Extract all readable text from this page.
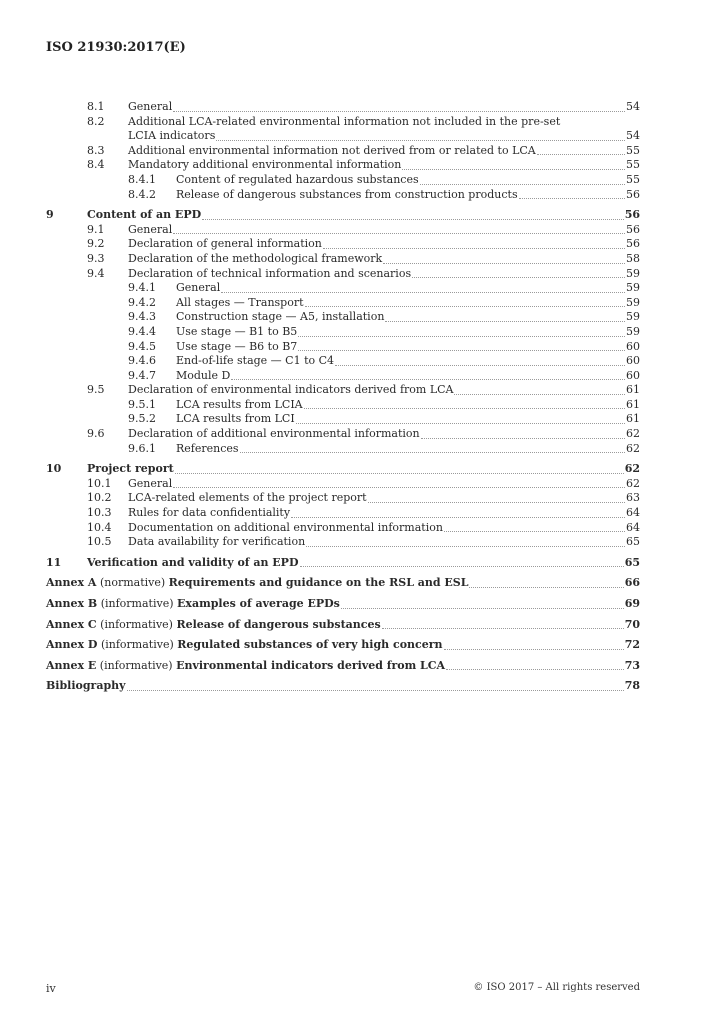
ISO 21930:2017(E)
8.1	General	54
8.2	Additional LCA-related environmental information not included in the pre-set
LCIA indicators	54
8.3	Additional environmental information not derived from or related to LCA	55
8.4	Mandatory additional environmental information	55
8.4.1	Content of regulated hazardous substances	55
8.4.2	Release of dangerous substances from construction products	56
9	Content of an EPD	56
9.1	General	56
9.2	Declaration of general information	56
9.3	Declaration of the methodological framework	58
9.4	Declaration of technical information and scenarios	59
9.4.1	General	59
9.4.2	All stages — Transport	59
9.4.3	Construction stage — A5, installation	59
9.4.4	Use stage — B1 to B5	59
9.4.5	Use stage — B6 to B7	60
9.4.6	End-of-life stage — C1 to C4	60
9.4.7	Module D	60
9.5	Declaration of environmental indicators derived from LCA	61
9.5.1	LCA results from LCIA	61
9.5.2	LCA results from LCI	61
9.6	Declaration of additional environmental information	62
9.6.1	References	62
10	Project report	62
10.1	General	62
10.2	LCA-related elements of the project report	63
10.3	Rules for data confidentiality	64
10.4	Documentation on additional environmental information	64
10.5	Data availability for verification	65
11	Verification and validity of an EPD	65
Annex A (normative) Requirements and guidance on the RSL and ESL	66
Annex B (informative) Examples of average EPDs	69
Annex C (informative) Release of dangerous substances	70
Annex D (informative) Regulated substances of very high concern	72
Annex E (informative) Environmental indicators derived from LCA	73
Bibliography	78
iv	© ISO 2017 – All rights reserved
